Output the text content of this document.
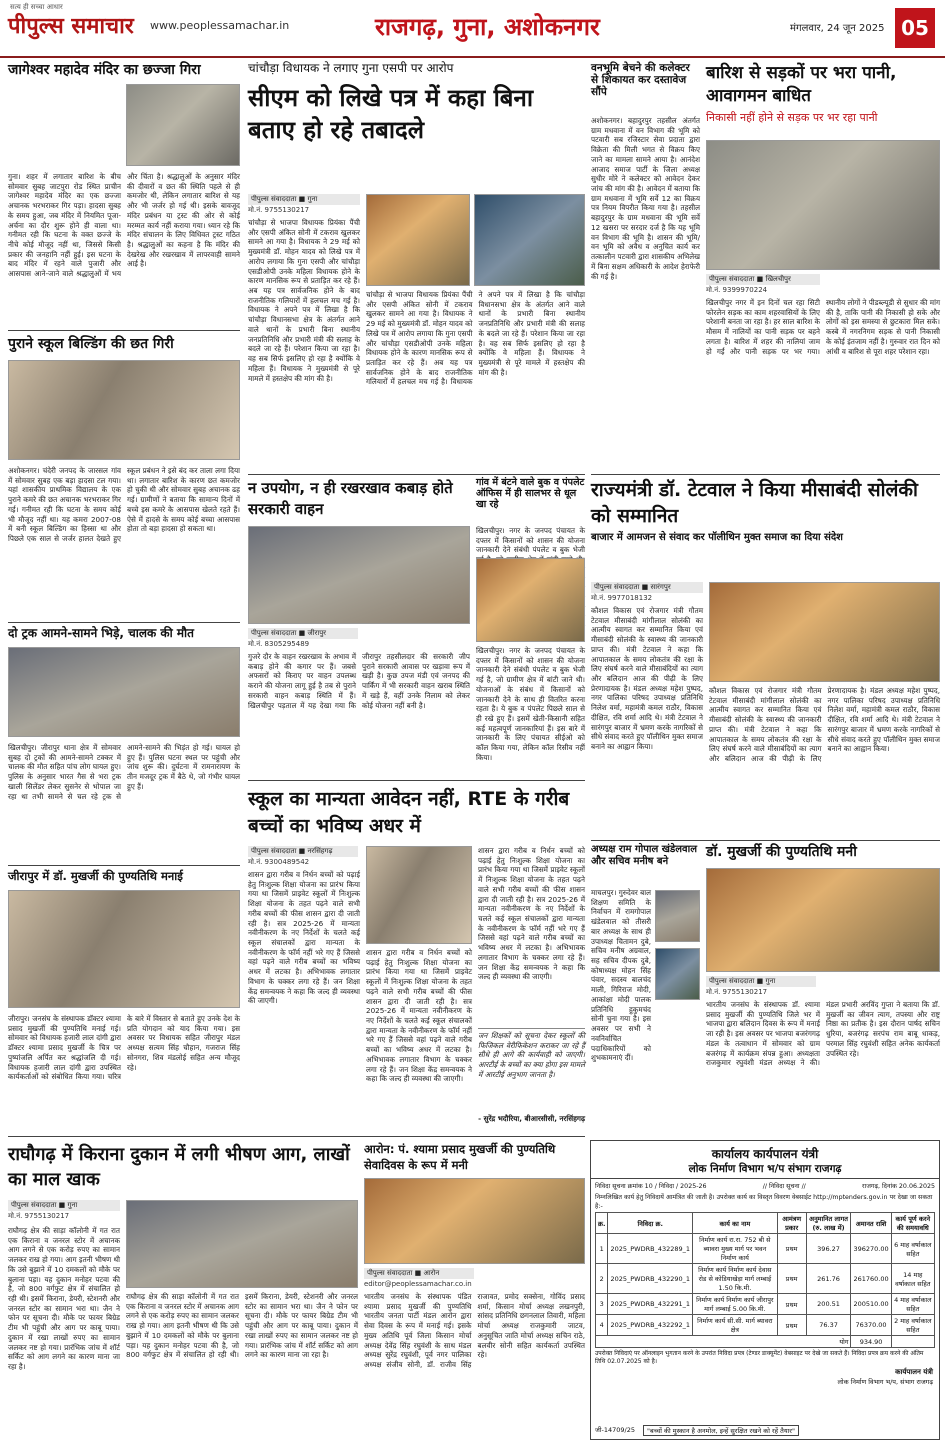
सत्य ही सच्चा आधार
पीपुल्स समाचार www.peoplessamachar.in	राजगढ़, गुना, अशोकनगर	मंगलवार, 24 जून 2025 05
जागेश्वर महादेव मंदिर का छज्जा गिरा
गुना। शहर में लगातार बारिश के बीच सोमवार सुबह जाटपुरा रोड स्थित प्राचीन जागेश्वर महादेव मंदिर का एक छज्जा अचानक भरभराकर गिर पड़ा। हादसा सुबह के समय हुआ, जब मंदिर में नियमित पूजा-अर्चना का दौर शुरू होने ही वाला था। गनीमत रही कि घटना के वक्त छज्जे के नीचे कोई मौजूद नहीं था, जिससे किसी प्रकार की जनहानि नहीं हुई। इस घटना के बाद मंदिर में रहने वाले पुजारी और आसपास आने-जाने वाले श्रद्धालुओं में भय और चिंता है। श्रद्धालुओं के अनुसार मंदिर की दीवारों व छत की स्थिति पहले से ही कमजोर थी, लेकिन लगातार बारिश से यह और भी जर्जर हो गई थी। इसके बावजूद मंदिर प्रबंधन या ट्रस्ट की ओर से कोई मरम्मत कार्य नहीं कराया गया। ध्यान रहे कि मंदिर संचालन के लिए विधिवत ट्रस्ट गठित है। श्रद्धालुओं का कहना है कि मंदिर की देखरेख और रखरखाव में लापरवाही सामने आई है।
पुराने स्कूल बिल्डिंग की छत गिरी
अशोकनगर। चंदेरी जनपद के जारसल गांव में सोमवार सुबह एक बड़ा हादसा टल गया। यहां शासकीय प्राथमिक विद्यालय के एक पुराने कमरे की छत अचानक भरभराकर गिर गई। गनीमत रही कि घटना के समय कोई भी मौजूद नहीं था। यह कमरा 2007-08 में बनी स्कूल बिल्डिंग का हिस्सा था और पिछले एक साल से जर्जर हालत देखते हुए स्कूल प्रबंधन ने इसे बंद कर ताला लगा दिया था। लगातार बारिश के कारण छत कमजोर हो चुकी थी और सोमवार सुबह अचानक ढह गई। ग्रामीणों ने बताया कि सामान्य दिनों में बच्चे इस कमरे के आसपास खेलते रहते हैं। ऐसे में हादसे के समय कोई बच्चा आसपास होता तो बड़ा हादसा हो सकता था।
दो ट्रक आमने-सामने भिड़े, चालक की मौत
खिलचीपुर। जीरापुर थाना क्षेत्र में सोमवार सुबह दो ट्रकों की आमने-सामने टक्कर में चालक की मौत सहित पांच लोग घायल हुए। पुलिस के अनुसार भारत गैस से भरा ट्रक खाली सिलेंडर लेकर सुसनेर से भोपाल जा रहा था तभी सामने से चल रहे ट्रक से आमने-सामने की भिड़ंत हो गई। घायल हो हुए हैं। पुलिस घटना स्थल पर पहुंची और जांच शुरू की। दुर्घटना में रामनारायण के तीन मजदूर ट्रक में बैठे थे, जो गंभीर घायल हुए हैं।
जीरापुर में डॉ. मुखर्जी की पुण्यतिथि मनाई
जीरापुर। जनसंघ के संस्थापक डॉक्टर श्यामा प्रसाद मुखर्जी की पुण्यतिथि मनाई गई। सोमवार को विधायक हजारी लाल दांगी द्वारा डॉक्टर श्यामा प्रसाद मुखर्जी के चित्र पर पुष्पांजलि अर्पित कर श्रद्धांजलि दी गई। विधायक हजारी लाल दांगी द्वारा उपस्थित कार्यकर्ताओं को संबोधित किया गया। चरित्र के बारे में विस्तार से बताते हुए उनके देश के प्रति योगदान को याद किया गया। इस अवसर पर विधायक सहित जीरापुर मंडल अध्यक्ष सत्यम सिंह चौहान, गजराज सिंह सोनगरा, शिव मंडलोई सहित अन्य मौजूद रहे।
चांचौड़ा विधायक ने लगाए गुना एसपी पर आरोप
सीएम को लिखे पत्र में कहा बिना बताए हो रहे तबादले
पीपुल्स संवाददाता ■ गुना
मो.नं. 9755130217
चांचौड़ा से भाजपा विधायक प्रियंका पैंची और एसपी अंकित सोनी में टकराव खुलकर सामने आ गया है। विधायक ने 29 मई को मुख्यमंत्री डॉ. मोहन यादव को लिखे पत्र में आरोप लगाया कि गुना एसपी और चांचौड़ा एसडीओपी उनके महिला विधायक होने के कारण मानसिक रूप से प्रताड़ित कर रहे हैं। अब यह पत्र सार्वजनिक होने के बाद राजनीतिक गलियारों में हलचल मच गई है। विधायक ने अपने पत्र में लिखा है कि चांचौड़ा विधानसभा क्षेत्र के अंतर्गत आने वाले थानों के प्रभारी बिना स्थानीय जनप्रतिनिधि और प्रभारी मंत्री की सलाह के बदले जा रहे हैं। परेशान किया जा रहा है। वह सब सिर्फ इसलिए हो रहा है क्योंकि वे महिला हैं। विधायक ने मुख्यमंत्री से पूरे मामले में हस्तक्षेप की मांग की है।
चांचौड़ा से भाजपा विधायक प्रियंका पैंची और एसपी अंकित सोनी में टकराव खुलकर सामने आ गया है। विधायक ने 29 मई को मुख्यमंत्री डॉ. मोहन यादव को लिखे पत्र में आरोप लगाया कि गुना एसपी और चांचौड़ा एसडीओपी उनके महिला विधायक होने के कारण मानसिक रूप से प्रताड़ित कर रहे हैं। अब यह पत्र सार्वजनिक होने के बाद राजनीतिक गलियारों में हलचल मच गई है। विधायक ने अपने पत्र में लिखा है कि चांचौड़ा विधानसभा क्षेत्र के अंतर्गत आने वाले थानों के प्रभारी बिना स्थानीय जनप्रतिनिधि और प्रभारी मंत्री की सलाह के बदले जा रहे हैं। परेशान किया जा रहा है। वह सब सिर्फ इसलिए हो रहा है क्योंकि वे महिला हैं। विधायक ने मुख्यमंत्री से पूरे मामले में हस्तक्षेप की मांग की है।
न उपयोग, न ही रखरखाव कबाड़ होते सरकारी वाहन
पीपुल्स संवाददाता ■ जीरापुर
मो.नं. 8305295489
गुजरे दौर के वाहन रखरखाव के अभाव में कबाड़ होने की कगार पर हैं। जबसे अफसरों को किराए पर वाहन उपलब्ध कराने की योजना लागू हुई है तब से पुराने सरकारी वाहन कबाड़ स्थिति में हैं। खिलचीपुर पड़ताल में यह देखा गया कि जीरापुर तहसीलदार की सरकारी जीप पुराने सरकारी आवास पर खड़ावा रूप में खड़ी है। कुछ उपज मंडी एवं जनपद की पार्किंग में भी सरकारी वाहन खराब स्थिति में खड़े हैं, वहीं उनके निलाम को लेकर कोई योजना नहीं बनी है।
गांव में बंटने वाले बुक व पंपलेट ऑफिस में ही सालभर से धूल खा रहे
खिलचीपुर। नगर के जनपद पंचायत के दफ्तर में किसानों को शासन की योजना जानकारी देने संबंधी पंपलेट व बुक भेजी
खिलचीपुर। नगर के जनपद पंचायत के दफ्तर में किसानों को शासन की योजना जानकारी देने संबंधी पंपलेट व बुक भेजी गई है, जो ग्रामीण क्षेत्र में बांटी जाने थी। योजनाओं के संबंध में किसानों को जानकारी देने के साथ ही वितरित करना रहता है। ये बुक व पंपलेट पिछले साल से ही रखे हुए हैं। इसमें खेती-किसानी सहित कई महत्वपूर्ण जानकारियां हैं। इस बारे में जानकारी के लिए पंचायत सीईओ को कॉल किया गया, लेकिन कॉल रिसीव नहीं किया।
स्कूल का मान्यता आवेदन नहीं, RTE के गरीब बच्चों का भविष्य अधर में
पीपुल्स संवाददाता ■ नरसिंहगढ़
मो.नं. 9300489542
शासन द्वारा गरीब व निर्धन बच्चों को पढ़ाई हेतु निःशुल्क शिक्षा योजना का प्रारंभ किया गया था जिसमें प्राइवेट स्कूलों में निःशुल्क शिक्षा योजना के तहत पढ़ने वाले सभी गरीब बच्चों की फीस शासन द्वारा दी जाती रही है। सत्र 2025-26 में मान्यता नवीनीकरण के नए निर्देशों के चलते कई स्कूल संचालकों द्वारा मान्यता के नवीनीकरण के फॉर्म नहीं भरे गए हैं जिससे वहां पढ़ने वाले गरीब बच्चों का भविष्य अधर में लटका है। अभिभावक लगातार विभाग के चक्कर लगा रहे हैं। जन शिक्षा केंद्र समन्वयक ने कहा कि जल्द ही व्यवस्था की जाएगी।
शासन द्वारा गरीब व निर्धन बच्चों को पढ़ाई हेतु निःशुल्क शिक्षा योजना का प्रारंभ किया गया था जिसमें प्राइवेट स्कूलों में निःशुल्क शिक्षा योजना के तहत पढ़ने वाले सभी गरीब बच्चों की फीस शासन द्वारा दी जाती रही है। सत्र 2025-26 में मान्यता नवीनीकरण के नए निर्देशों के चलते कई स्कूल संचालकों द्वारा मान्यता के नवीनीकरण के फॉर्म नहीं भरे गए हैं जिससे वहां पढ़ने वाले गरीब बच्चों का भविष्य अधर में लटका है। अभिभावक लगातार विभाग के चक्कर लगा रहे हैं। जन शिक्षा केंद्र समन्वयक ने कहा कि जल्द ही व्यवस्था की जाएगी।
शासन द्वारा गरीब व निर्धन बच्चों को पढ़ाई हेतु निःशुल्क शिक्षा योजना का प्रारंभ किया गया था जिसमें प्राइवेट स्कूलों में निःशुल्क शिक्षा योजना के तहत पढ़ने वाले सभी गरीब बच्चों की फीस शासन द्वारा दी जाती रही है। सत्र 2025-26 में मान्यता नवीनीकरण के नए निर्देशों के चलते कई स्कूल संचालकों द्वारा मान्यता के नवीनीकरण के फॉर्म नहीं भरे गए हैं जिससे वहां पढ़ने वाले गरीब बच्चों का भविष्य अधर में लटका है। अभिभावक लगातार विभाग के चक्कर लगा रहे हैं। जन शिक्षा केंद्र समन्वयक ने कहा कि जल्द ही व्यवस्था की जाएगी।
जन शिक्षकों को सूचना देकर स्कूलों की फिजिकल वेरीफिकेशन कराकर जा रहे हैं सीधे ही आगे की कार्यवाही को जाएगी। आरटीई के बच्चों का क्या होगा इस मामले में आरटीई अनुभाग जानता है।
- सुरेंद्र भदौरिया, बीआरसीसी, नरसिंहगढ़
वनभूमि बेचने की कलेक्टर से शिकायत कर दस्तावेज सौंपे
अशोकनगर। बहादुरपुर तहसील अंतर्गत ग्राम मधवाना में वन विभाग की भूमि को पटवारी सब रजिस्टार सेवा प्रदाता द्वारा विक्रेता की मिली भगत से विक्रय किए जाने का मामला सामने आया है। आनंदेश आजाद समाज पार्टी के जिला अध्यक्ष सुधीर मोरे ने कलेक्टर को आवेदन देकर जांच की मांग की है। आवेदन में बताया कि ग्राम मधवाना में भूमि सर्वे 12 का विक्रय पत्र नियम विपरीत किया गया है। तहसील बहादुरपुर के ग्राम मधवाना की भूमि सर्वे 12 खसरा पर सरदार दर्ज है कि यह भूमि वन विभाग की भूमि है। शासन की भूमि/वन भूमि को अवैध व अनुचित कार्य कर तत्कालीन पटवारी द्वारा शासकीय अभिलेख में बिना सक्षम अधिकारी के आदेश हेराफेरी की गई है।
बारिश से सड़कों पर भरा पानी, आवागमन बाधित
निकासी नहीं होने से सड़क पर भर रहा पानी
पीपुल्स संवाददाता ■ खिलचीपुर
मो.नं. 9399970224
खिलचीपुर नगर में इन दिनों चल रहा सिटी फोरलेन सड़क का काम शहरवासियों के लिए परेशानी बनता जा रहा है। हर साल बारिश के मौसम में नालियों का पानी सड़क पर बहने लगता है। बारिश में शहर की नालियां जाम हो गईं और पानी सड़क पर भर गया। स्थानीय लोगों ने पीडब्ल्यूडी से सुधार की मांग की है, ताकि पानी की निकासी हो सके और लोगों को इस समस्या से छुटकारा मिल सके। कस्बे में नगरनिगम सड़क से पानी निकासी के कोई इंतजाम नहीं है। गुरुवार रात दिन को आंधी व बारिश से पूरा शहर परेशान रहा।
राज्यमंत्री डॉ. टेटवाल ने किया मीसाबंदी सोलंकी को सम्मानित
बाजार में आमजन से संवाद कर पॉलीथिन मुक्त समाज का दिया संदेश
पीपुल्स संवाददाता ■ सारंगपुर
मो.नं. 9977018132
कौशल विकास एवं रोजगार मंत्री गौतम टेटवाल मीसाबंदी मांगीलाल सोलंकी का आत्मीय स्वागत कर सम्मानित किया एवं मीसाबंदी सोलंकी के स्वास्थ्य की जानकारी प्राप्त की। मंत्री टेटवाल ने कहा कि आपातकाल के समय लोकतंत्र की रक्षा के लिए संघर्ष करने वाले मीसाबंदियों का त्याग और बलिदान आज की पीढ़ी के लिए प्रेरणादायक है। मंडल अध्यक्ष महेश पुष्पद, नगर पालिका परिषद उपाध्यक्ष प्रतिनिधि निलेश वर्मा, महामंत्री कमल राठौर, विकास दीक्षित, रवि शर्मा आदि थे। मंत्री टेटवाल ने सारंगपुर बाजार में भ्रमण करके नागरिकों से सीधे संवाद करते हुए पॉलीथिन मुक्त समाज बनाने का आह्वान किया।
कौशल विकास एवं रोजगार मंत्री गौतम टेटवाल मीसाबंदी मांगीलाल सोलंकी का आत्मीय स्वागत कर सम्मानित किया एवं मीसाबंदी सोलंकी के स्वास्थ्य की जानकारी प्राप्त की। मंत्री टेटवाल ने कहा कि आपातकाल के समय लोकतंत्र की रक्षा के लिए संघर्ष करने वाले मीसाबंदियों का त्याग और बलिदान आज की पीढ़ी के लिए प्रेरणादायक है। मंडल अध्यक्ष महेश पुष्पद, नगर पालिका परिषद उपाध्यक्ष प्रतिनिधि निलेश वर्मा, महामंत्री कमल राठौर, विकास दीक्षित, रवि शर्मा आदि थे। मंत्री टेटवाल ने सारंगपुर बाजार में भ्रमण करके नागरिकों से सीधे संवाद करते हुए पॉलीथिन मुक्त समाज बनाने का आह्वान किया।
अध्यक्ष राम गोपाल खंडेलवाल और सचिव मनीष बने
माचलपुर। गुरुदेवर बाल शिक्षण समिति के निर्वाचन में रामगोपाल खंडेलवाल को तीसरी बार अध्यक्ष के साथ ही उपाध्यक्ष चितामन दुबे, सचिव मनीष अग्रवाल, सह सचिव दीपक दुबे, कोषाध्यक्ष मोहन सिंह पंवार, सदस्य बालचंद माली, गिरिराज मोदी, आकांक्षा मोदी पालक प्रतिनिधि हुकुमचंद सोनी चुना गया है। इस अवसर पर सभी ने नवनिर्वाचित पदाधिकारियों को शुभकामनाएं दीं।
डॉ. मुखर्जी की पुण्यतिथि मनी
पीपुल्स संवाददाता ■ गुना
मो.नं. 9755130217
भारतीय जनसंघ के संस्थापक डॉ. श्यामा प्रसाद मुखर्जी की पुण्यतिथि जिले भर में भाजपा द्वारा बलिदान दिवस के रूप में मनाई जा रही है। इस अवसर पर भाजपा बजरंगगढ़ मंडल के तत्वाधान में सोमवार को ग्राम बजरंगढ़ में कार्यक्रम संपन्न हुआ। अध्यक्षता राजकुमार रघुवंशी मंडल अध्यक्ष ने की। मंडल प्रभारी अरविंद गुप्ता ने बताया कि डॉ. मुखर्जी का जीवन त्याग, तपस्या और राष्ट्र निष्ठा का प्रतीक है। इस दौरान पार्षद सचिन धुरिया, बजरंगढ़ सरपंच राम बाबू धाकड़, परमाल सिंह रघुवंशी सहित अनेक कार्यकर्ता उपस्थित रहे।
राघौगढ़ में किराना दुकान में लगी भीषण आग, लाखों का माल खाक
पीपुल्स संवाददाता ■ गुना
मो.नं. 9755130217
राघौगढ़ क्षेत्र की साड़ा कॉलोनी में गत रात एक किराना व जनरल स्टोर में अचानक आग लगने से एक करोड़ रुपए का सामान जलकर राख हो गया। आग इतनी भीषण थी कि उसे बुझाने में 10 दमकलों को मौके पर बुलाना पड़ा। यह दुकान मनोहर पटवा की है, जो 800 वर्गफुट क्षेत्र में संचालित हो रही थी। इसमें किराना, डेयरी, स्टेशनरी और जनरल स्टोर का सामान भरा था। जैन ने फोन पर सूचना दी। मौके पर फायर बिग्रेड टीम भी पहुंची और आग पर काबू पाया। दुकान में रखा लाखों रुपए का सामान जलकर नष्ट हो गया। प्रारंभिक जांच में शॉर्ट सर्किट को आग लगने का कारण माना जा रहा है।
राघौगढ़ क्षेत्र की साड़ा कॉलोनी में गत रात एक किराना व जनरल स्टोर में अचानक आग लगने से एक करोड़ रुपए का सामान जलकर राख हो गया। आग इतनी भीषण थी कि उसे बुझाने में 10 दमकलों को मौके पर बुलाना पड़ा। यह दुकान मनोहर पटवा की है, जो 800 वर्गफुट क्षेत्र में संचालित हो रही थी। इसमें किराना, डेयरी, स्टेशनरी और जनरल स्टोर का सामान भरा था। जैन ने फोन पर सूचना दी। मौके पर फायर बिग्रेड टीम भी पहुंची और आग पर काबू पाया। दुकान में रखा लाखों रुपए का सामान जलकर नष्ट हो गया। प्रारंभिक जांच में शॉर्ट सर्किट को आग लगने का कारण माना जा रहा है।
आरोन: पं. श्यामा प्रसाद मुखर्जी की पुण्यतिथि सेवादिवस के रूप में मनी
पीपुल्स संवाददाता ■ आरोन
editor@peoplessamachar.co.in
भारतीय जनसंघ के संस्थापक पंडित श्यामा प्रसाद मुखर्जी की पुण्यतिथि भारतीय जनता पार्टी मंडल आरोन द्वारा सेवा दिवस के रूप में मनाई गई। इसके मुख्य अतिथि पूर्व जिला किसान मोर्चा अध्यक्ष देवेंद्र सिंह रघुवंशी के साथ मंडल अध्यक्ष सुरेंद्र रघुवंशी, पूर्व नगर पालिका अध्यक्ष संजीव सोनी, डॉ. राजीव सिंह राजावत, प्रमोद सक्सेना, गोविंद प्रसाद शर्मा, किसान मोर्चा अध्यक्ष लखनपुरी, सांसद प्रतिनिधि छगनलाल तिवारी, महिला मोर्चा अध्यक्ष राजकुमारी जाटव, अनुसूचित जाति मोर्चा अध्यक्ष सचिन राठे, बलवीर सोनी सहित कार्यकर्ता उपस्थित रहे।
कार्यालय कार्यपालन यंत्री
लोक निर्माण विभाग भ/प संभाग राजगढ़
निविदा सूचना क्रमांक 10 / निविदा / 2025-26	// निविदा सूचना //	राजगढ़, दिनांक 20.06.2025
निम्नलिखित कार्य हेतु निविदायें आमंत्रित की जाती है। उपरोक्त कार्य का विस्तृत विवरण वेबसाईट http://mptenders.gov.in पर देखा जा सकता है:-
क्र.	निविदा क्र.	कार्य का नाम	आमंत्रण प्रकार	अनुमानित लागत (रु. लाख में)	अमानत राशि	कार्य पूर्ण करने की समयावधि
1	2025_PWDRB_432289_1	निर्माण कार्य रा.रा. 752 बी से ब्यावरा मुख्य मार्ग पर भवन निर्माण कार्य	प्रथम	396.27	396270.00	6 माह वर्षाकाल सहित
2	2025_PWDRB_432290_1	निर्माण कार्य निर्माण कार्य देवास रोड से कोडियाखेड़ा मार्ग लम्बाई 1.50 कि.मी.	प्रथम	261.76	261760.00	14 माह वर्षाकाल सहित
3	2025_PWDRB_432291_1	निर्माण कार्य निर्माण कार्य जीरापुर मार्ग लम्बाई 5.00 कि.मी.	प्रथम	200.51	200510.00	4 माह वर्षाकाल सहित
4	2025_PWDRB_432292_1	निर्माण कार्य सी.सी. मार्ग ब्यावरा क्षेत्र	प्रथम	76.37	76370.00	2 माह वर्षाकाल सहित
योग					934.90	
उपरोक्त निविदाएं पर ऑनलाइन भुगतान करने के उपरांत निविदा प्रपत्र (टेण्डर डाक्यूमेंट) वेबसाइट पर देखे जा सकते हैं। निविदा प्रपत्र क्रय करने की अंतिम तिथि 02.07.2025 को है।
कार्यपालन यंत्री
लोक निर्माण विभाग भ/प, संभाग राजगढ़
जी-14709/25	"बच्चों की मुस्कान है अनमोल, इन्हें सुरक्षित रखने को रहें तैयार"
